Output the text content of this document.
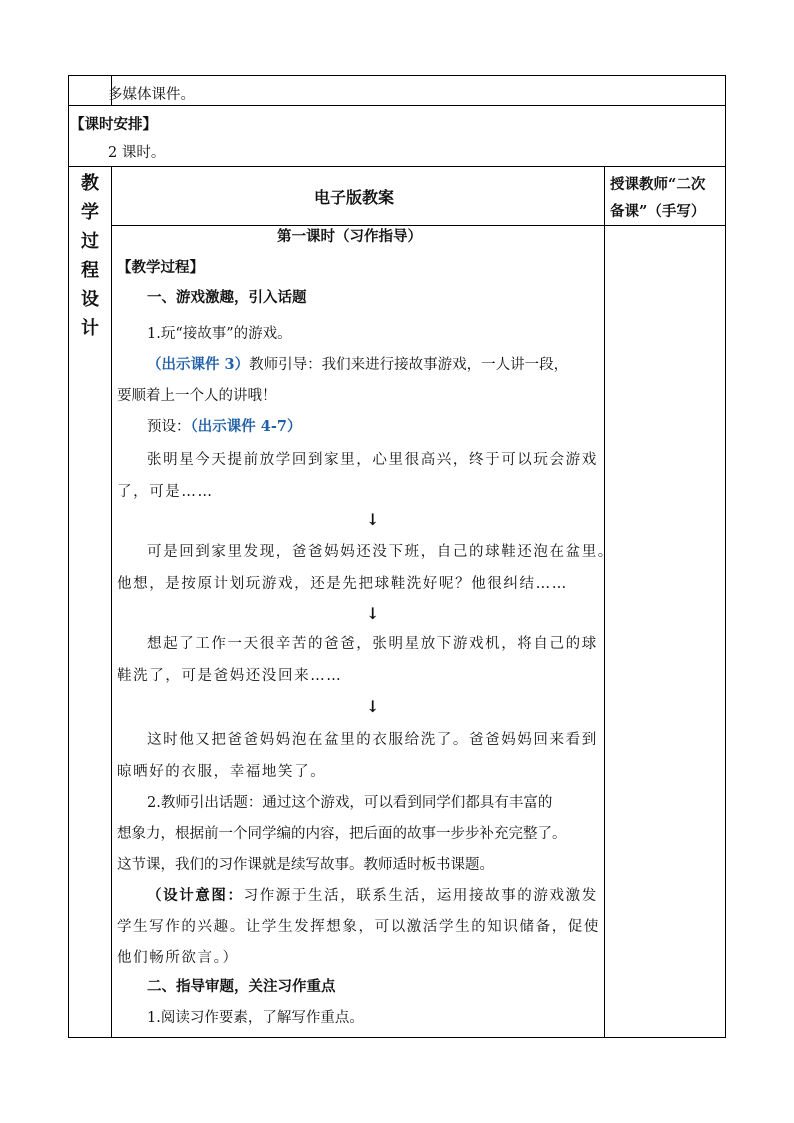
多媒体课件。
【课时安排】
2 课时。
教
学
过
程
设
计
电子版教案
授课教师“二次
备课”（手写）
第一课时（习作指导）
【教学过程】
一、游戏激趣，引入话题
1.玩“接故事”的游戏。
（出示课件 3）教师引导：我们来进行接故事游戏，一人讲一段，
要顺着上一个人的讲哦！
预设：（出示课件 4-7）
张明星今天提前放学回到家里，心里很高兴，终于可以玩会游戏
了，可是……
↓
可是回到家里发现，爸爸妈妈还没下班，自己的球鞋还泡在盆里。
他想，是按原计划玩游戏，还是先把球鞋洗好呢？他很纠结……
↓
想起了工作一天很辛苦的爸爸，张明星放下游戏机，将自己的球
鞋洗了，可是爸妈还没回来……
↓
这时他又把爸爸妈妈泡在盆里的衣服给洗了。爸爸妈妈回来看到
晾晒好的衣服，幸福地笑了。
2.教师引出话题：通过这个游戏，可以看到同学们都具有丰富的
想象力，根据前一个同学编的内容，把后面的故事一步步补充完整了。
这节课，我们的习作课就是续写故事。教师适时板书课题。
（设计意图：习作源于生活，联系生活，运用接故事的游戏激发
学生写作的兴趣。让学生发挥想象，可以激活学生的知识储备，促使
他们畅所欲言。）
二、指导审题，关注习作重点
1.阅读习作要素，了解写作重点。
